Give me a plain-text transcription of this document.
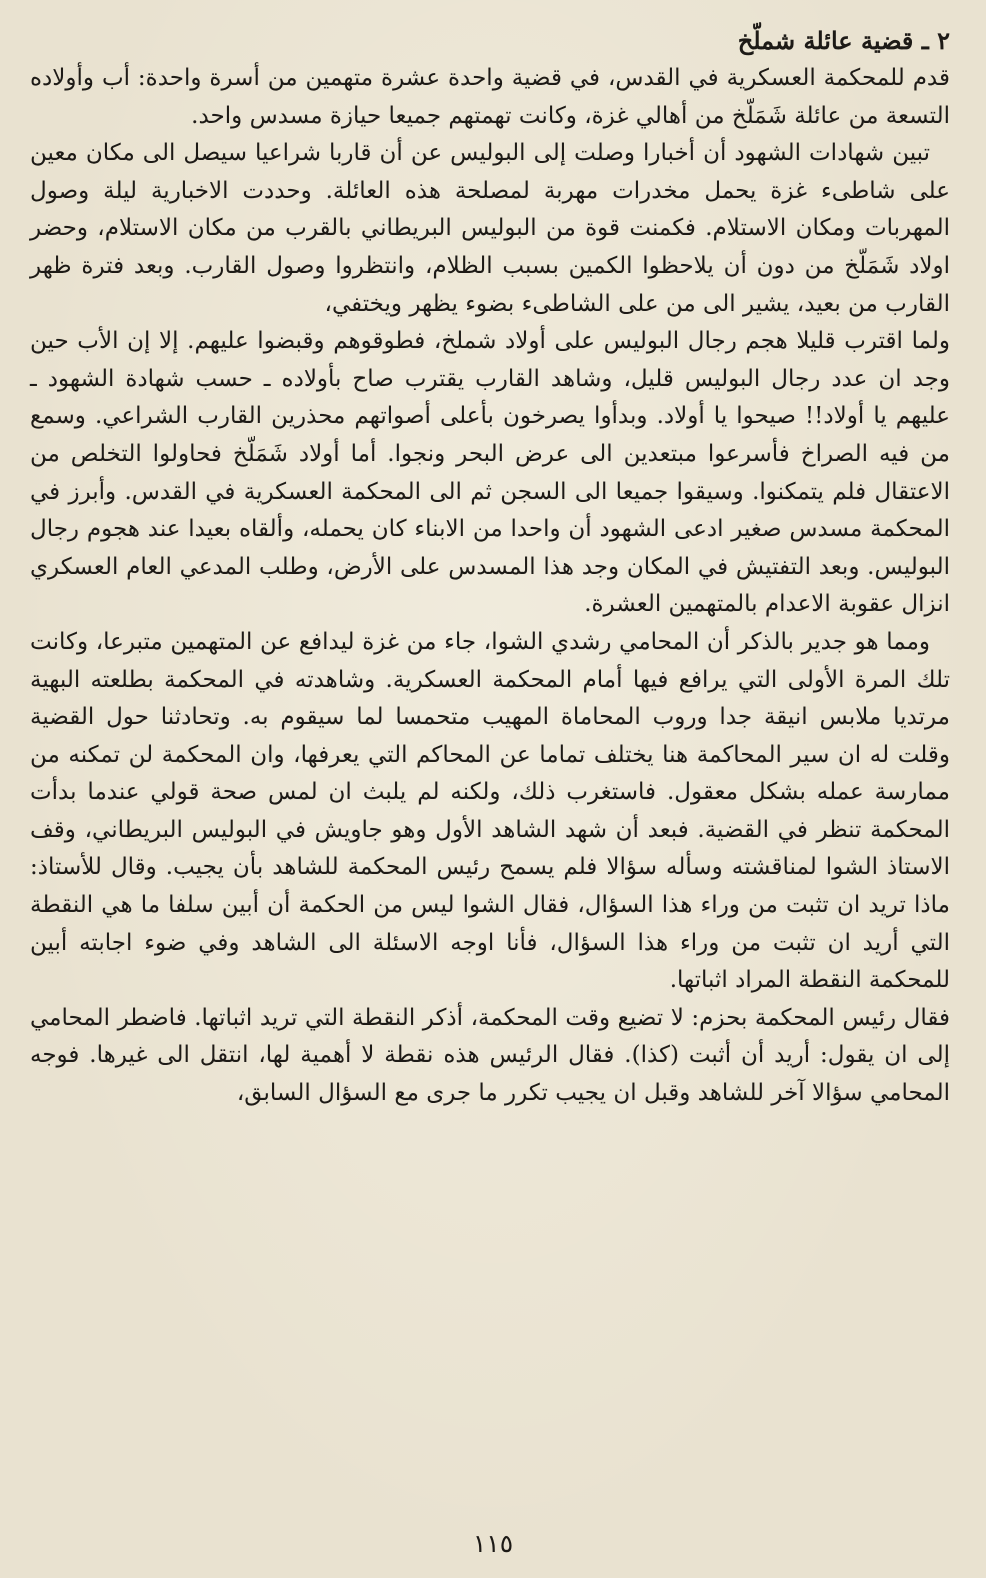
٢ ـ قضية عائلة شملّخ

قدم للمحكمة العسكرية في القدس، في قضية واحدة عشرة متهمين من أسرة واحدة: أب وأولاده التسعة من عائلة شَمَلّخ من أهالي غزة، وكانت تهمتهم جميعا حيازة مسدس واحد.

تبين شهادات الشهود أن أخبارا وصلت إلى البوليس عن أن قاربا شراعيا سيصل الى مكان معين على شاطىء غزة يحمل مخدرات مهربة لمصلحة هذه العائلة. وحددت الاخبارية ليلة وصول المهربات ومكان الاستلام. فكمنت قوة من البوليس البريطاني بالقرب من مكان الاستلام، وحضر اولاد شَمَلّخ من دون أن يلاحظوا الكمين بسبب الظلام، وانتظروا وصول القارب. وبعد فترة ظهر القارب من بعيد، يشير الى من على الشاطىء بضوء يظهر ويختفي،

ولما اقترب قليلا هجم رجال البوليس على أولاد شملخ، فطوقوهم وقبضوا عليهم. إلا إن الأب حين وجد ان عدد رجال البوليس قليل، وشاهد القارب يقترب صاح بأولاده ـ حسب شهادة الشهود ـ عليهم يا أولاد!! صيحوا يا أولاد. وبدأوا يصرخون بأعلى أصواتهم محذرين القارب الشراعي. وسمع من فيه الصراخ فأسرعوا مبتعدين الى عرض البحر ونجوا. أما أولاد شَمَلّخ فحاولوا التخلص من الاعتقال فلم يتمكنوا. وسيقوا جميعا الى السجن ثم الى المحكمة العسكرية في القدس. وأبرز في المحكمة مسدس صغير ادعى الشهود أن واحدا من الابناء كان يحمله، وألقاه بعيدا عند هجوم رجال البوليس. وبعد التفتيش في المكان وجد هذا المسدس على الأرض، وطلب المدعي العام العسكري انزال عقوبة الاعدام بالمتهمين العشرة.

ومما هو جدير بالذكر أن المحامي رشدي الشوا، جاء من غزة ليدافع عن المتهمين متبرعا، وكانت تلك المرة الأولى التي يرافع فيها أمام المحكمة العسكرية. وشاهدته في المحكمة بطلعته البهية مرتديا ملابس انيقة جدا وروب المحاماة المهيب متحمسا لما سيقوم به. وتحادثنا حول القضية وقلت له ان سير المحاكمة هنا يختلف تماما عن المحاكم التي يعرفها، وان المحكمة لن تمكنه من ممارسة عمله بشكل معقول. فاستغرب ذلك، ولكنه لم يلبث ان لمس صحة قولي عندما بدأت المحكمة تنظر في القضية. فبعد أن شهد الشاهد الأول وهو جاويش في البوليس البريطاني، وقف الاستاذ الشوا لمناقشته وسأله سؤالا فلم يسمح رئيس المحكمة للشاهد بأن يجيب. وقال للأستاذ: ماذا تريد ان تثبت من وراء هذا السؤال، فقال الشوا ليس من الحكمة أن أبين سلفا ما هي النقطة التي أريد ان تثبت من وراء هذا السؤال، فأنا اوجه الاسئلة الى الشاهد وفي ضوء اجابته أبين للمحكمة النقطة المراد اثباتها.

فقال رئيس المحكمة بحزم: لا تضيع وقت المحكمة، أذكر النقطة التي تريد اثباتها. فاضطر المحامي إلى ان يقول: أريد أن أثبت (كذا). فقال الرئيس هذه نقطة لا أهمية لها، انتقل الى غيرها. فوجه المحامي سؤالا آخر للشاهد وقبل ان يجيب تكرر ما جرى مع السؤال السابق،

١١٥
